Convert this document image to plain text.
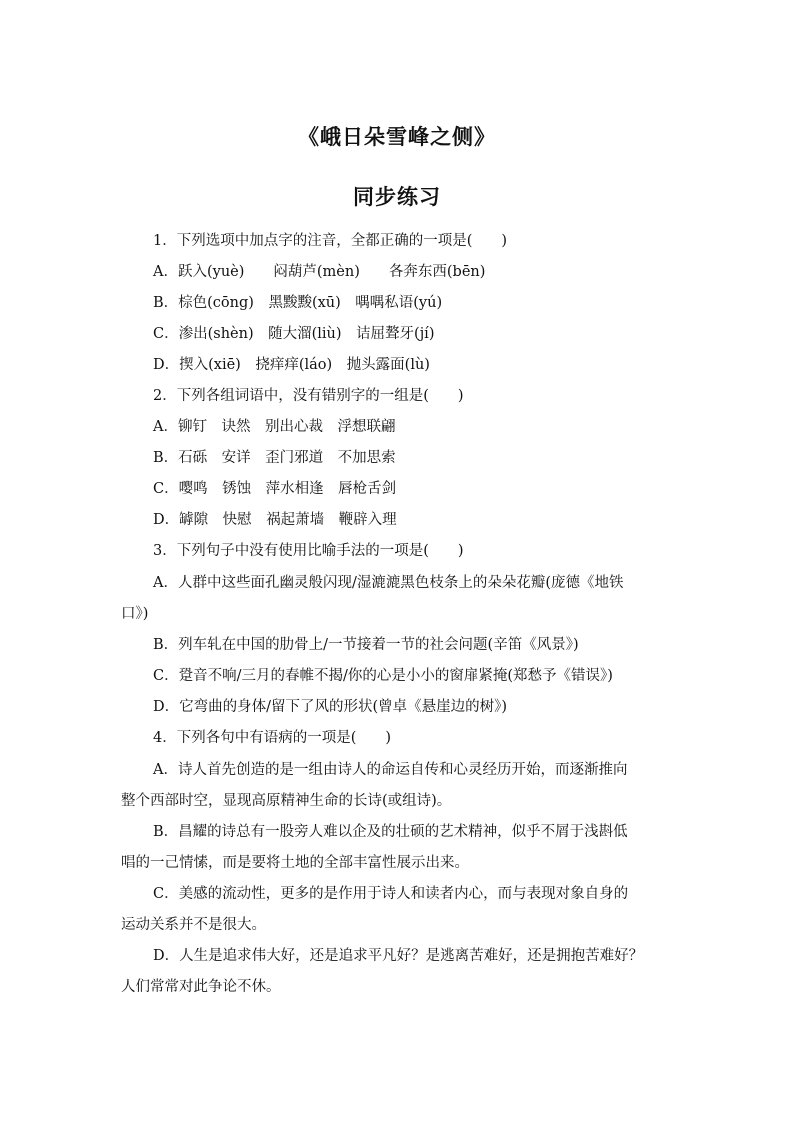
《峨日朵雪峰之侧》
同步练习
1．下列选项中加点字的注音，全都正确的一项是(　　)
A．跃入(yuè)　　闷葫芦(mèn)　　各奔东西(bēn)
B．棕色(cōng)　黑黢黢(xū)　喁喁私语(yú)
C．渗出(shèn)　随大溜(liù)　诘屈聱牙(jí)
D．揳入(xiē)　挠痒痒(láo)　抛头露面(lù)
2．下列各组词语中，没有错别字的一组是(　　)
A．铆钉　诀然　别出心裁　浮想联翩
B．石砾　安详　歪门邪道　不加思索
C．嘤鸣　锈蚀　萍水相逢　唇枪舌剑
D．罅隙　快慰　祸起萧墙　鞭辟入理
3．下列句子中没有使用比喻手法的一项是(　　)
A．人群中这些面孔幽灵般闪现/湿漉漉黑色枝条上的朵朵花瓣(庞德《地铁
口》)
B．列车轧在中国的肋骨上/一节接着一节的社会问题(辛笛《风景》)
C．跫音不响/三月的春帷不揭/你的心是小小的窗扉紧掩(郑愁予《错误》)
D．它弯曲的身体/留下了风的形状(曾卓《悬崖边的树》)
4．下列各句中有语病的一项是(　　)
A．诗人首先创造的是一组由诗人的命运自传和心灵经历开始，而逐渐推向
整个西部时空，显现高原精神生命的长诗(或组诗)。
B．昌耀的诗总有一股旁人难以企及的壮硕的艺术精神，似乎不屑于浅斟低
唱的一己情愫，而是要将土地的全部丰富性展示出来。
C．美感的流动性，更多的是作用于诗人和读者内心，而与表现对象自身的
运动关系并不是很大。
D．人生是追求伟大好，还是追求平凡好？是逃离苦难好，还是拥抱苦难好？
人们常常对此争论不休。
